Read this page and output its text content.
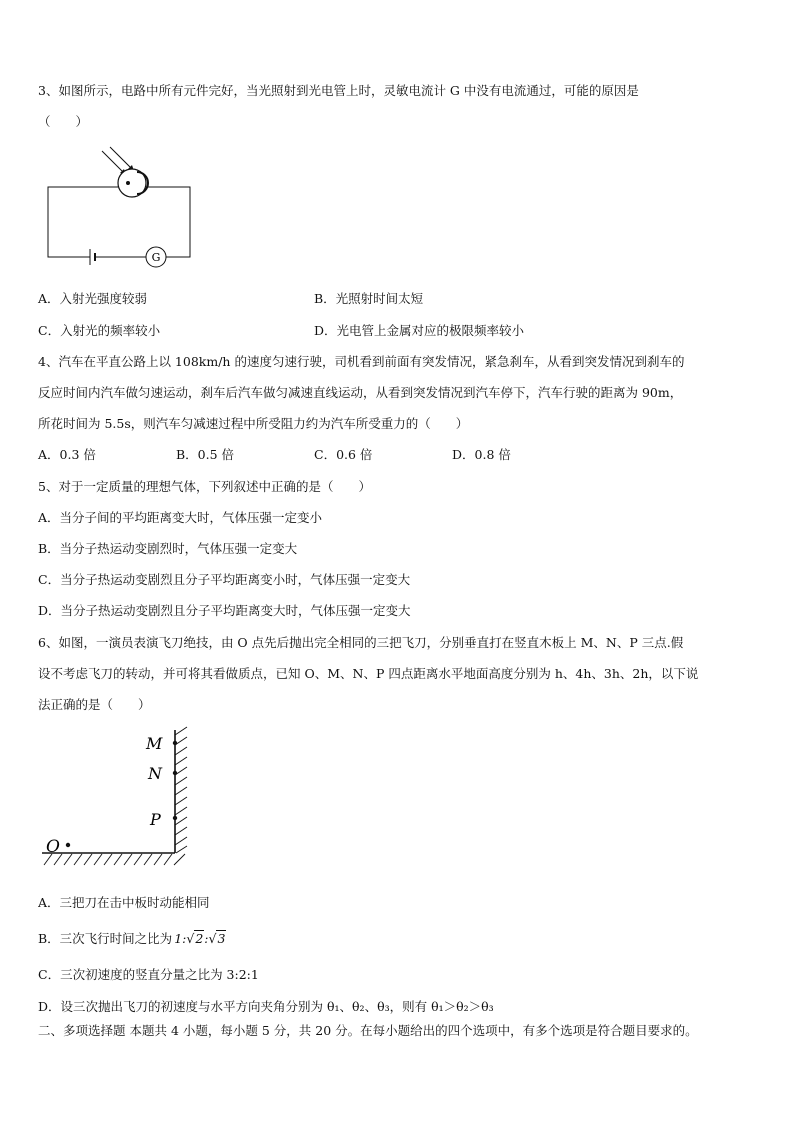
3、如图所示，电路中所有元件完好，当光照射到光电管上时，灵敏电流计 G 中没有电流通过，可能的原因是
（　　）
G
A．入射光强度较弱	B．光照射时间太短
C．入射光的频率较小	D．光电管上金属对应的极限频率较小
4、汽车在平直公路上以 108km/h 的速度匀速行驶，司机看到前面有突发情况，紧急刹车，从看到突发情况到刹车的
反应时间内汽车做匀速运动，刹车后汽车做匀减速直线运动，从看到突发情况到汽车停下，汽车行驶的距离为 90m，
所花时间为 5.5s，则汽车匀减速过程中所受阻力约为汽车所受重力的（　　）
A．0.3 倍	B．0.5 倍	C．0.6 倍	D．0.8 倍
5、对于一定质量的理想气体，下列叙述中正确的是（　　）
A．当分子间的平均距离变大时，气体压强一定变小
B．当分子热运动变剧烈时，气体压强一定变大
C．当分子热运动变剧烈且分子平均距离变小时，气体压强一定变大
D．当分子热运动变剧烈且分子平均距离变大时，气体压强一定变大
6、如图，一演员表演飞刀绝技，由 O 点先后抛出完全相同的三把飞刀，分别垂直打在竖直木板上 M、N、P 三点.假
设不考虑飞刀的转动，并可将其看做质点，已知 O、M、N、P 四点距离水平地面高度分别为 h、4h、3h、2h，以下说
法正确的是（　　）
M
N
P
O
A．三把刀在击中板时动能相同
B．三次飞行时间之比为 1:√2:√3
C．三次初速度的竖直分量之比为 3:2:1
D．设三次抛出飞刀的初速度与水平方向夹角分别为 θ₁、θ₂、θ₃，则有 θ₁＞θ₂＞θ₃
二、多项选择题 本题共 4 小题，每小题 5 分，共 20 分。在每小题给出的四个选项中，有多个选项是符合题目要求的。
